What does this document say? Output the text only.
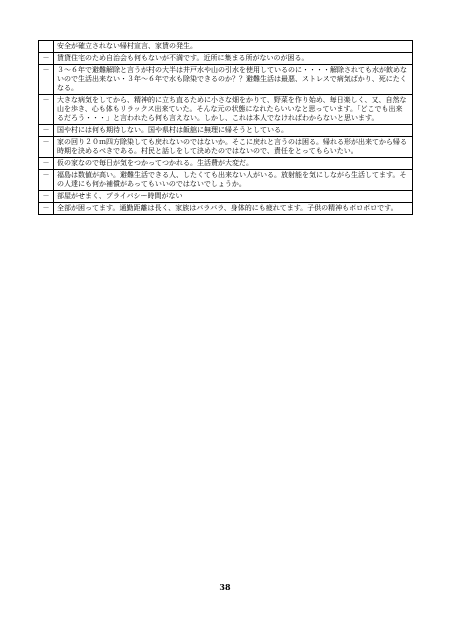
	安全が確立されない帰村宣言、家賃の発生。
－	賃貸住宅のため自治会も何もないが不満です。近所に集まる所がないのが困る。
－	３～６年で避難解除と言うが村の大半は井戸水や山の引水を使用しているのに・・・・解除されても水が飲めないので生活出来ない・３年～６年で水も除染できるのか？？避難生活は最悪、ストレスで病気ばかり、死にたくなる。
－	大きな病気をしてから、精神的に立ち直るために小さな畑をかりて、野菜を作り始め、毎日楽しく、又、自然な山を歩き、心も体もリラックス出来ていた。そんな元の状態になれたらいいなと思っています。「どこでも出来るだろう・・・」と言われたら何も言えない。しかし、これは本人でなければわからないと思います。
－	国や村には何も期待しない。国や県村は飯舘に無理に帰そうとしている。
－	家の回り２０ｍ四方除染しても戻れないのではないか。そこに戻れと言うのは困る。帰れる形が出来てから帰る時期を決めるべきである。村民と話しをして決めたのではないので、責任をとってもらいたい。
－	仮の家なので毎日が気をつかってつかれる。生活費が大変だ。
－	福島は数値が高い。避難生活できる人、したくても出来ない人がいる。放射能を気にしながら生活してます。その人達にも何か補償があってもいいのではないでしょうか。
－	部屋がせまく、プライバシー時間がない
－	全部が困ってます。通勤距離は長く、家族はバラバラ、身体的にも疲れてます。子供の精神もボロボロです。
38
